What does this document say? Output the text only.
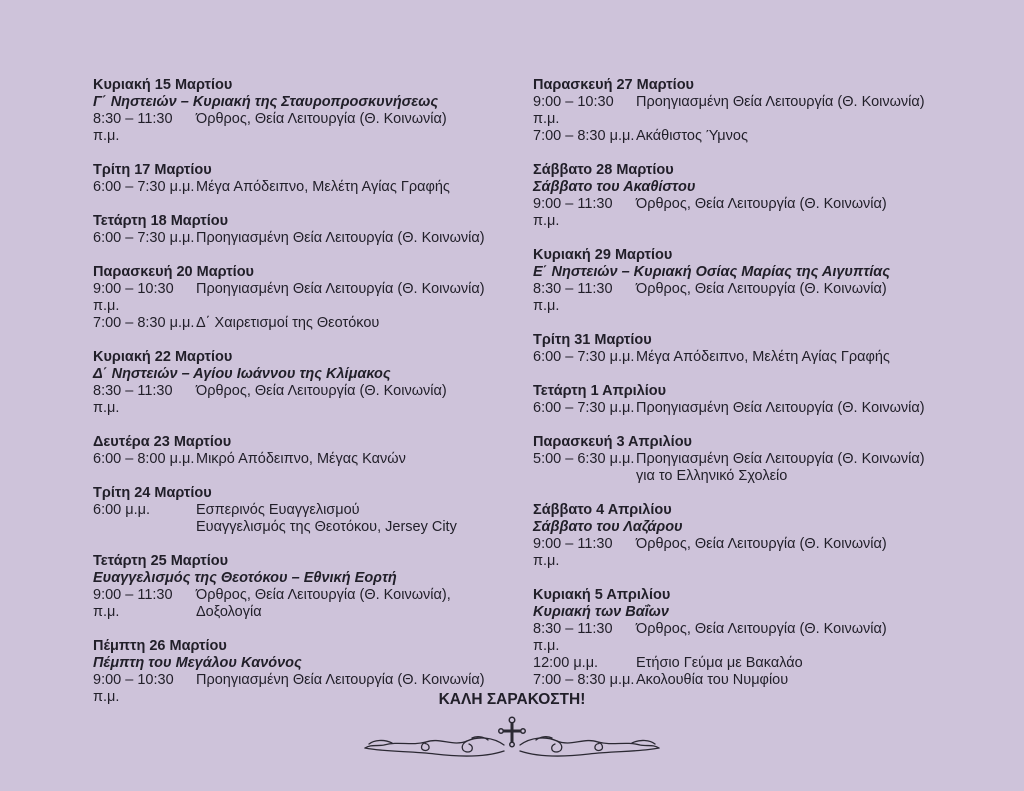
Κυριακή 15 Μαρτίου
Γ΄ Νηστειών – Κυριακή της Σταυροπροσκυνήσεως
8:30 – 11:30 π.μ.
Όρθρος, Θεία Λειτουργία (Θ. Κοινωνία)
Τρίτη 17 Μαρτίου
6:00 – 7:30 μ.μ. Μέγα Απόδειπνο, Μελέτη Αγίας Γραφής
Τετάρτη 18 Μαρτίου
6:00 – 7:30 μ.μ. Προηγιασμένη Θεία Λειτουργία (Θ. Κοινωνία)
Παρασκευή 20 Μαρτίου
9:00 – 10:30 π.μ.
Προηγιασμένη Θεία Λειτουργία (Θ. Κοινωνία)
7:00 – 8:30 μ.μ. Δ΄ Χαιρετισμοί της Θεοτόκου
Κυριακή 22 Μαρτίου
Δ΄ Νηστειών – Αγίου Ιωάννου της Κλίμακος
8:30 – 11:30 π.μ.
Όρθρος, Θεία Λειτουργία (Θ. Κοινωνία)
Δευτέρα 23 Μαρτίου
6:00 – 8:00 μ.μ. Μικρό Απόδειπνο, Μέγας Κανών
Τρίτη 24 Μαρτίου
6:00 μ.μ.	Εσπερινός Ευαγγελισμού
Ευαγγελισμός της Θεοτόκου, Jersey City
Τετάρτη 25 Μαρτίου
Ευαγγελισμός της Θεοτόκου – Εθνική Εορτή
9:00 – 11:30 π.μ.
Όρθρος, Θεία Λειτουργία (Θ. Κοινωνία),
Δοξολογία
Πέμπτη 26 Μαρτίου
Πέμπτη του Μεγάλου Κανόνος
9:00 – 10:30 π.μ.
Προηγιασμένη Θεία Λειτουργία (Θ. Κοινωνία)
Παρασκευή 27 Μαρτίου
9:00 – 10:30 π.μ.
Προηγιασμένη Θεία Λειτουργία (Θ. Κοινωνία)
7:00 – 8:30 μ.μ. Ακάθιστος Ύμνος
Σάββατο 28 Μαρτίου
Σάββατο του Ακαθίστου
9:00 – 11:30 π.μ.
Όρθρος, Θεία Λειτουργία (Θ. Κοινωνία)
Κυριακή 29 Μαρτίου
Ε΄ Νηστειών – Κυριακή Οσίας Μαρίας της Αιγυπτίας
8:30 – 11:30 π.μ.
Όρθρος, Θεία Λειτουργία (Θ. Κοινωνία)
Τρίτη 31 Μαρτίου
6:00 – 7:30 μ.μ. Μέγα Απόδειπνο, Μελέτη Αγίας Γραφής
Τετάρτη 1 Απριλίου
6:00 – 7:30 μ.μ. Προηγιασμένη Θεία Λειτουργία (Θ. Κοινωνία)
Παρασκευή 3 Απριλίου
5:00 – 6:30 μ.μ. Προηγιασμένη Θεία Λειτουργία (Θ. Κοινωνία)
για το Ελληνικό Σχολείο
Σάββατο 4 Απριλίου
Σάββατο του Λαζάρου
9:00 – 11:30 π.μ.
Όρθρος, Θεία Λειτουργία (Θ. Κοινωνία)
Κυριακή 5 Απριλίου
Κυριακή των Βαΐων
8:30 – 11:30 π.μ.
Όρθρος, Θεία Λειτουργία (Θ. Κοινωνία)
12:00 μ.μ.	Ετήσιο Γεύμα με Βακαλάο
7:00 – 8:30 μ.μ. Ακολουθία του Νυμφίου
ΚΑΛΗ ΣΑΡΑΚΟΣΤΗ!
